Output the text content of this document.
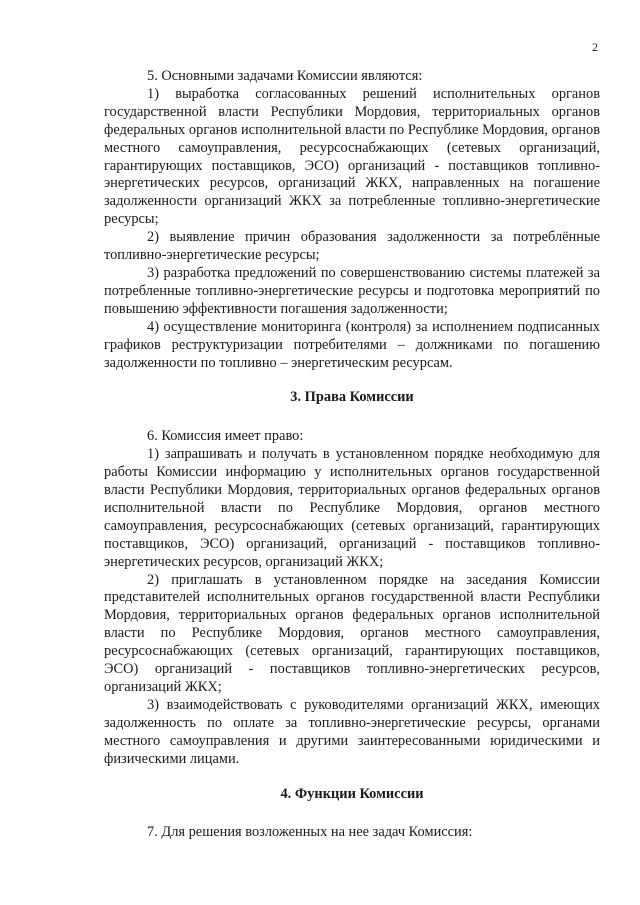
2

5. Основными задачами Комиссии являются:

1) выработка согласованных решений исполнительных органов государственной власти Республики Мордовия, территориальных органов федеральных органов исполнительной власти по Республике Мордовия, органов местного самоуправления, ресурсоснабжающих (сетевых организаций, гарантирующих поставщиков, ЭСО) организаций - поставщиков топливно-энергетических ресурсов, организаций ЖКХ, направленных на погашение задолженности организаций ЖКХ за потребленные топливно-энергетические ресурсы;

2) выявление причин образования задолженности за потреблённые топливно-энергетические ресурсы;

3) разработка предложений по совершенствованию системы платежей за потребленные топливно-энергетические ресурсы и подготовка мероприятий по повышению эффективности погашения задолженности;

4) осуществление мониторинга (контроля) за исполнением подписанных графиков реструктуризации потребителями – должниками по погашению задолженности по топливно – энергетическим ресурсам.

3. Права Комиссии

6. Комиссия имеет право:

1) запрашивать и получать в установленном порядке необходимую для работы Комиссии информацию у исполнительных органов государственной власти Республики Мордовия, территориальных органов федеральных органов исполнительной власти по Республике Мордовия, органов местного самоуправления, ресурсоснабжающих (сетевых организаций, гарантирующих поставщиков, ЭСО) организаций, организаций - поставщиков топливно-энергетических ресурсов, организаций ЖКХ;

2) приглашать в установленном порядке на заседания Комиссии представителей исполнительных органов государственной власти Республики Мордовия, территориальных органов федеральных органов исполнительной власти по Республике Мордовия, органов местного самоуправления, ресурсоснабжающих (сетевых организаций, гарантирующих поставщиков, ЭСО) организаций - поставщиков топливно-энергетических ресурсов, организаций ЖКХ;

3) взаимодействовать с руководителями организаций ЖКХ, имеющих задолженность по оплате за топливно-энергетические ресурсы, органами местного самоуправления и другими заинтересованными юридическими и физическими лицами.

4. Функции Комиссии

7. Для решения возложенных на нее задач Комиссия:
